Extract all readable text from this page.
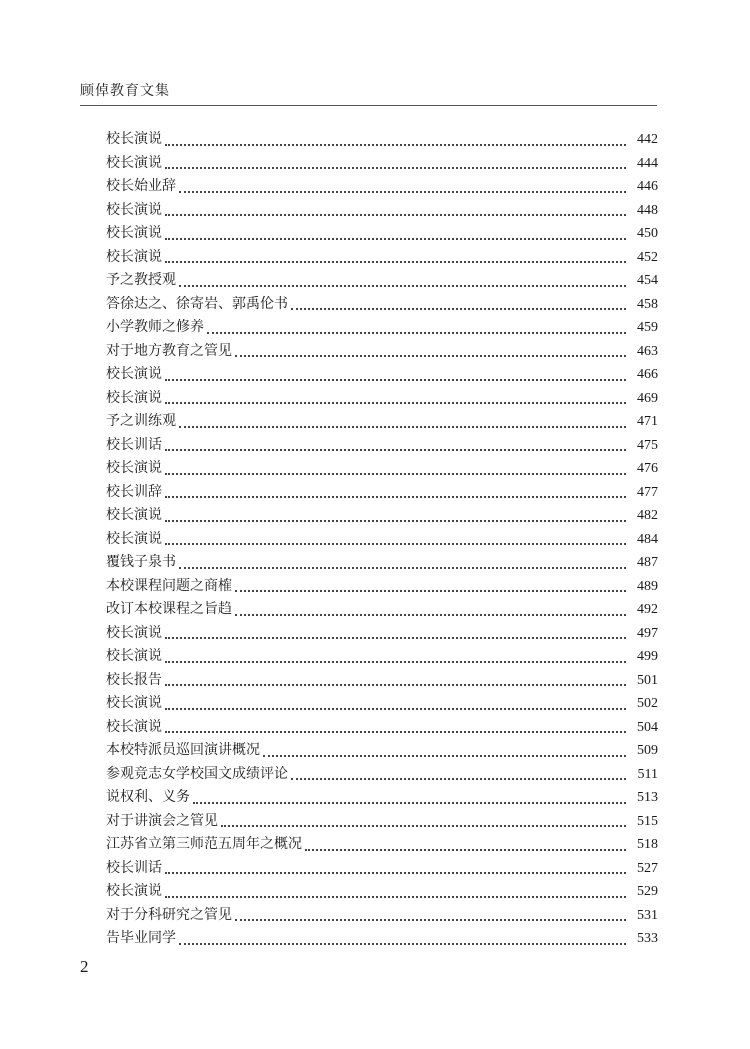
顾倬教育文集
校长演说	442
校长演说	444
校长始业辞	446
校长演说	448
校长演说	450
校长演说	452
予之教授观	454
答徐达之、徐寄岩、郭禹伦书	458
小学教师之修养	459
对于地方教育之管见	463
校长演说	466
校长演说	469
予之训练观	471
校长训话	475
校长演说	476
校长训辞	477
校长演说	482
校长演说	484
覆钱子泉书	487
本校课程问题之商榷	489
改订本校课程之旨趋	492
校长演说	497
校长演说	499
校长报告	501
校长演说	502
校长演说	504
本校特派员巡回演讲概况	509
参观竞志女学校国文成绩评论	511
说权利、义务	513
对于讲演会之管见	515
江苏省立第三师范五周年之概况	518
校长训话	527
校长演说	529
对于分科研究之管见	531
告毕业同学	533
2
